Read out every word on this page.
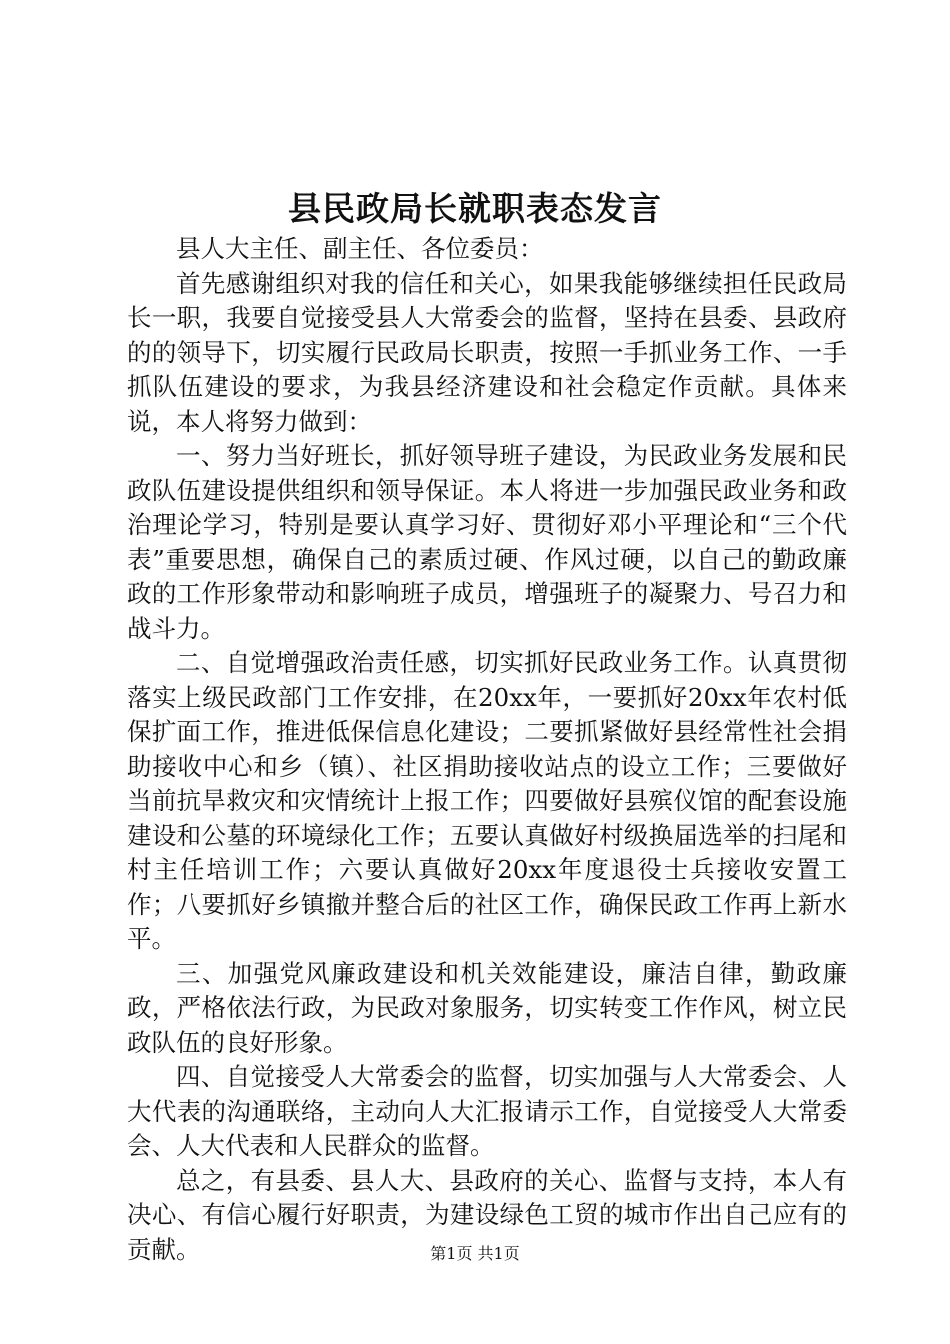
县民政局长就职表态发言

县人大主任、副主任、各位委员：

首先感谢组织对我的信任和关心，如果我能够继续担任民政局长一职，我要自觉接受县人大常委会的监督，坚持在县委、县政府的的领导下，切实履行民政局长职责，按照一手抓业务工作、一手抓队伍建设的要求，为我县经济建设和社会稳定作贡献。具体来说，本人将努力做到：

一、努力当好班长，抓好领导班子建设，为民政业务发展和民政队伍建设提供组织和领导保证。本人将进一步加强民政业务和政治理论学习，特别是要认真学习好、贯彻好邓小平理论和“三个代表”重要思想，确保自己的素质过硬、作风过硬，以自己的勤政廉政的工作形象带动和影响班子成员，增强班子的凝聚力、号召力和战斗力。

二、自觉增强政治责任感，切实抓好民政业务工作。认真贯彻落实上级民政部门工作安排，在20xx年，一要抓好20xx年农村低保扩面工作，推进低保信息化建设；二要抓紧做好县经常性社会捐助接收中心和乡（镇）、社区捐助接收站点的设立工作；三要做好当前抗旱救灾和灾情统计上报工作；四要做好县殡仪馆的配套设施建设和公墓的环境绿化工作；五要认真做好村级换届选举的扫尾和村主任培训工作；六要认真做好20xx年度退役士兵接收安置工作；八要抓好乡镇撤并整合后的社区工作，确保民政工作再上新水平。

三、加强党风廉政建设和机关效能建设，廉洁自律，勤政廉政，严格依法行政，为民政对象服务，切实转变工作作风，树立民政队伍的良好形象。

四、自觉接受人大常委会的监督，切实加强与人大常委会、人大代表的沟通联络，主动向人大汇报请示工作，自觉接受人大常委会、人大代表和人民群众的监督。

总之，有县委、县人大、县政府的关心、监督与支持，本人有决心、有信心履行好职责，为建设绿色工贸的城市作出自己应有的贡献。	第1页 共1页
